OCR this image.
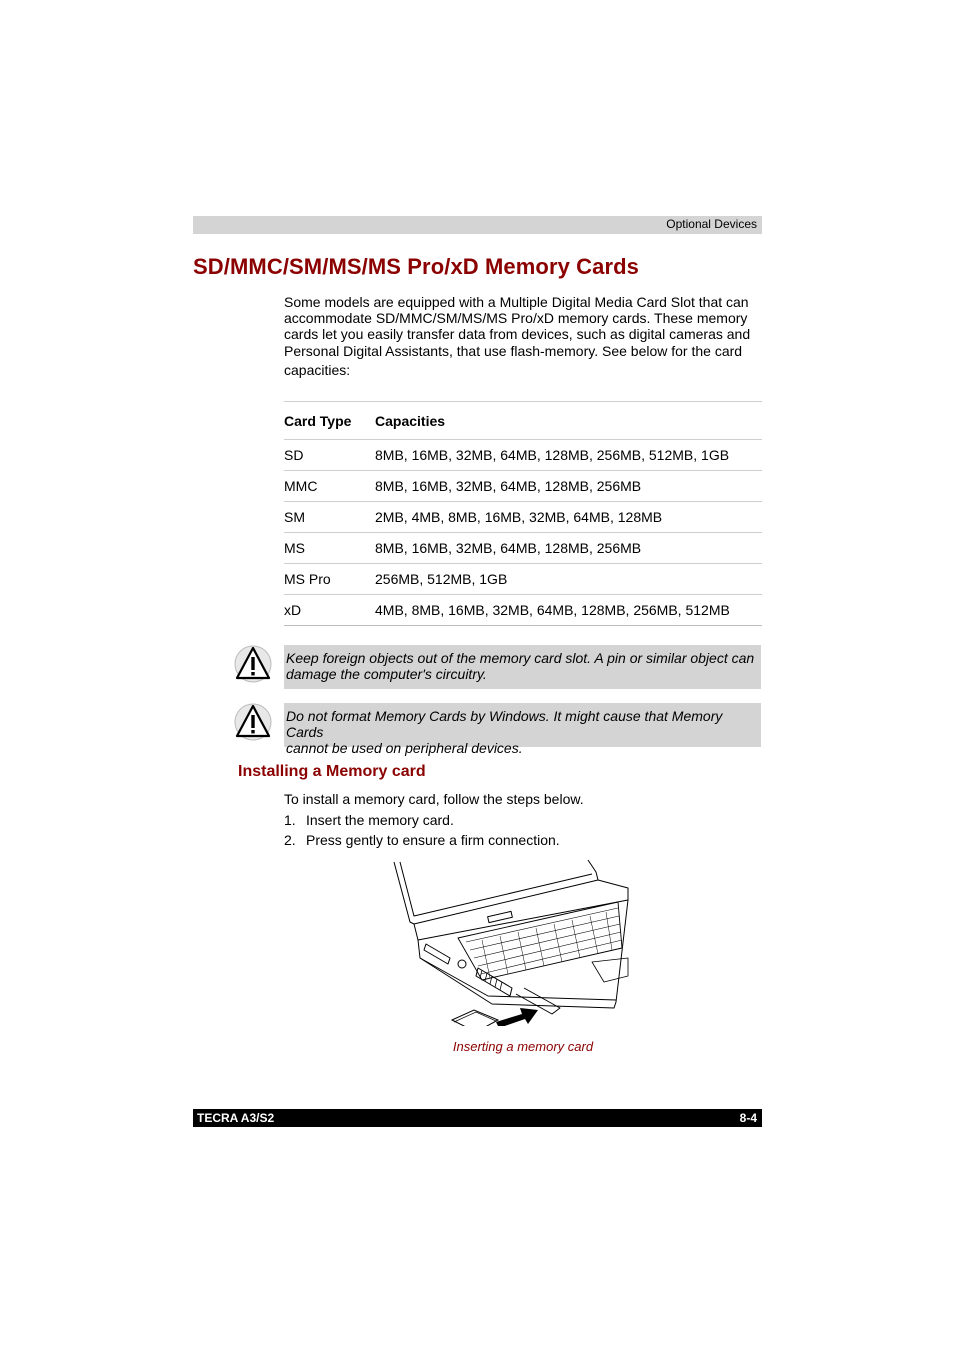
Optional Devices
SD/MMC/SM/MS/MS Pro/xD Memory Cards
Some models are equipped with a Multiple Digital Media Card Slot that can
accommodate SD/MMC/SM/MS/MS Pro/xD memory cards. These memory
cards let you easily transfer data from devices, such as digital cameras and
Personal Digital Assistants, that use flash-memory. See below for the card
capacities:
Card Type	Capacities
SD	8MB, 16MB, 32MB, 64MB, 128MB, 256MB, 512MB, 1GB
MMC	8MB, 16MB, 32MB, 64MB, 128MB, 256MB
SM	2MB, 4MB, 8MB, 16MB, 32MB, 64MB, 128MB
MS	8MB, 16MB, 32MB, 64MB, 128MB, 256MB
MS Pro	256MB, 512MB, 1GB
xD	4MB, 8MB, 16MB, 32MB, 64MB, 128MB, 256MB, 512MB
Keep foreign objects out of the memory card slot. A pin or similar object can
damage the computer's circuitry.
Do not format Memory Cards by Windows. It might cause that Memory Cards
cannot be used on peripheral devices.
Installing a Memory card
To install a memory card, follow the steps below.
1. Insert the memory card.
2. Press gently to ensure a firm connection.
Inserting a memory card
TECRA A3/S2	8-4
